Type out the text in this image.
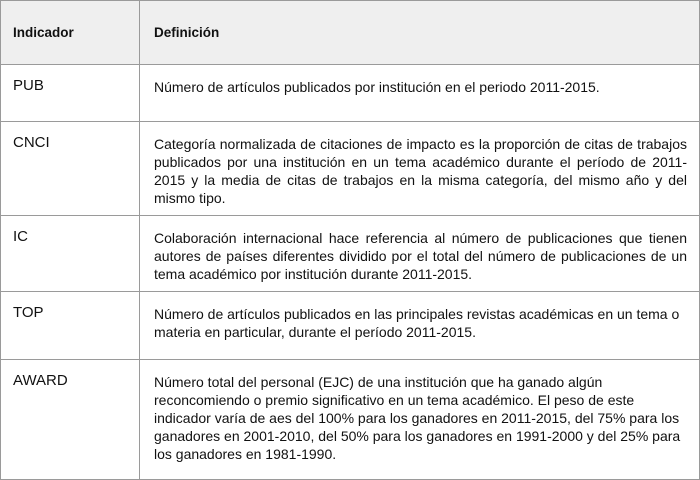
Indicador	Definición
PUB	Número de artículos publicados por institución en el periodo 2011-2015.
CNCI	Categoría normalizada de citaciones de impacto es la proporción de citas de trabajos publicados por una institución en un tema académico durante el período de 2011-2015 y la media de citas de trabajos en la misma categoría, del mismo año y del mismo tipo.
IC	Colaboración internacional hace referencia al número de publicaciones que tienen autores de países diferentes dividido por el total del número de publicaciones de un tema académico por institución durante 2011-2015.
TOP	Número de artículos publicados en las principales revistas académicas en un tema o materia en particular, durante el período 2011-2015.
AWARD	Número total del personal (EJC) de una institución que ha ganado algún reconcomiendo o premio significativo en un tema académico. El peso de este indicador varía de aes del 100% para los ganadores en 2011-2015, del 75% para los ganadores en 2001-2010, del 50% para los ganadores en 1991-2000 y del 25% para los ganadores en 1981-1990.
